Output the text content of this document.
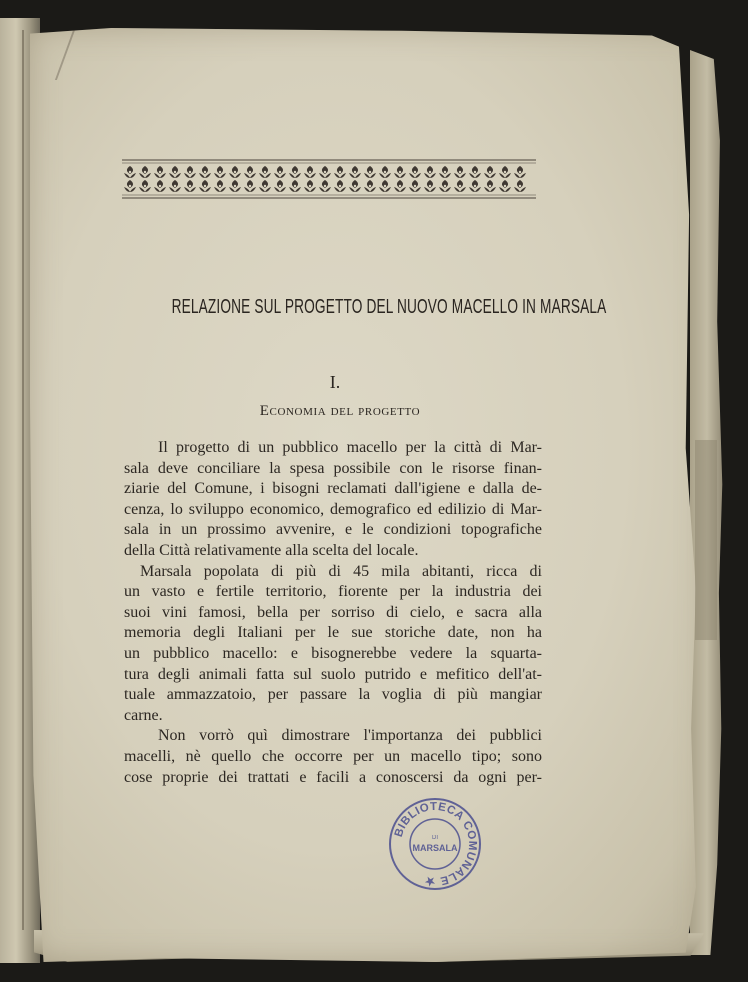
RELAZIONE SUL PROGETTO DEL NUOVO MACELLO IN MARSALA
I.
Economia del progetto
Il progetto di un pubblico macello per la città di Mar-
sala deve conciliare la spesa possibile con le risorse finan-
ziarie del Comune, i bisogni reclamati dall'igiene e dalla de-
cenza, lo sviluppo economico, demografico ed edilizio di Mar-
sala in un prossimo avvenire, e le condizioni topografiche
della Città relativamente alla scelta del locale.
Marsala popolata di più di 45 mila abitanti, ricca di
un vasto e fertile territorio, fiorente per la industria dei
suoi vini famosi, bella per sorriso di cielo, e sacra alla
memoria degli Italiani per le sue storiche date, non ha
un pubblico macello: e bisognerebbe vedere la squarta-
tura degli animali fatta sul suolo putrido e mefitico dell'at-
tuale ammazzatoio, per passare la voglia di più mangiar
carne.
Non vorrò quì dimostrare l'importanza dei pubblici
macelli, nè quello che occorre per un macello tipo; sono
cose proprie dei trattati e facili a conoscersi da ogni per-
BIBLIOTECA COMUNALE ★
DI
MARSALA
